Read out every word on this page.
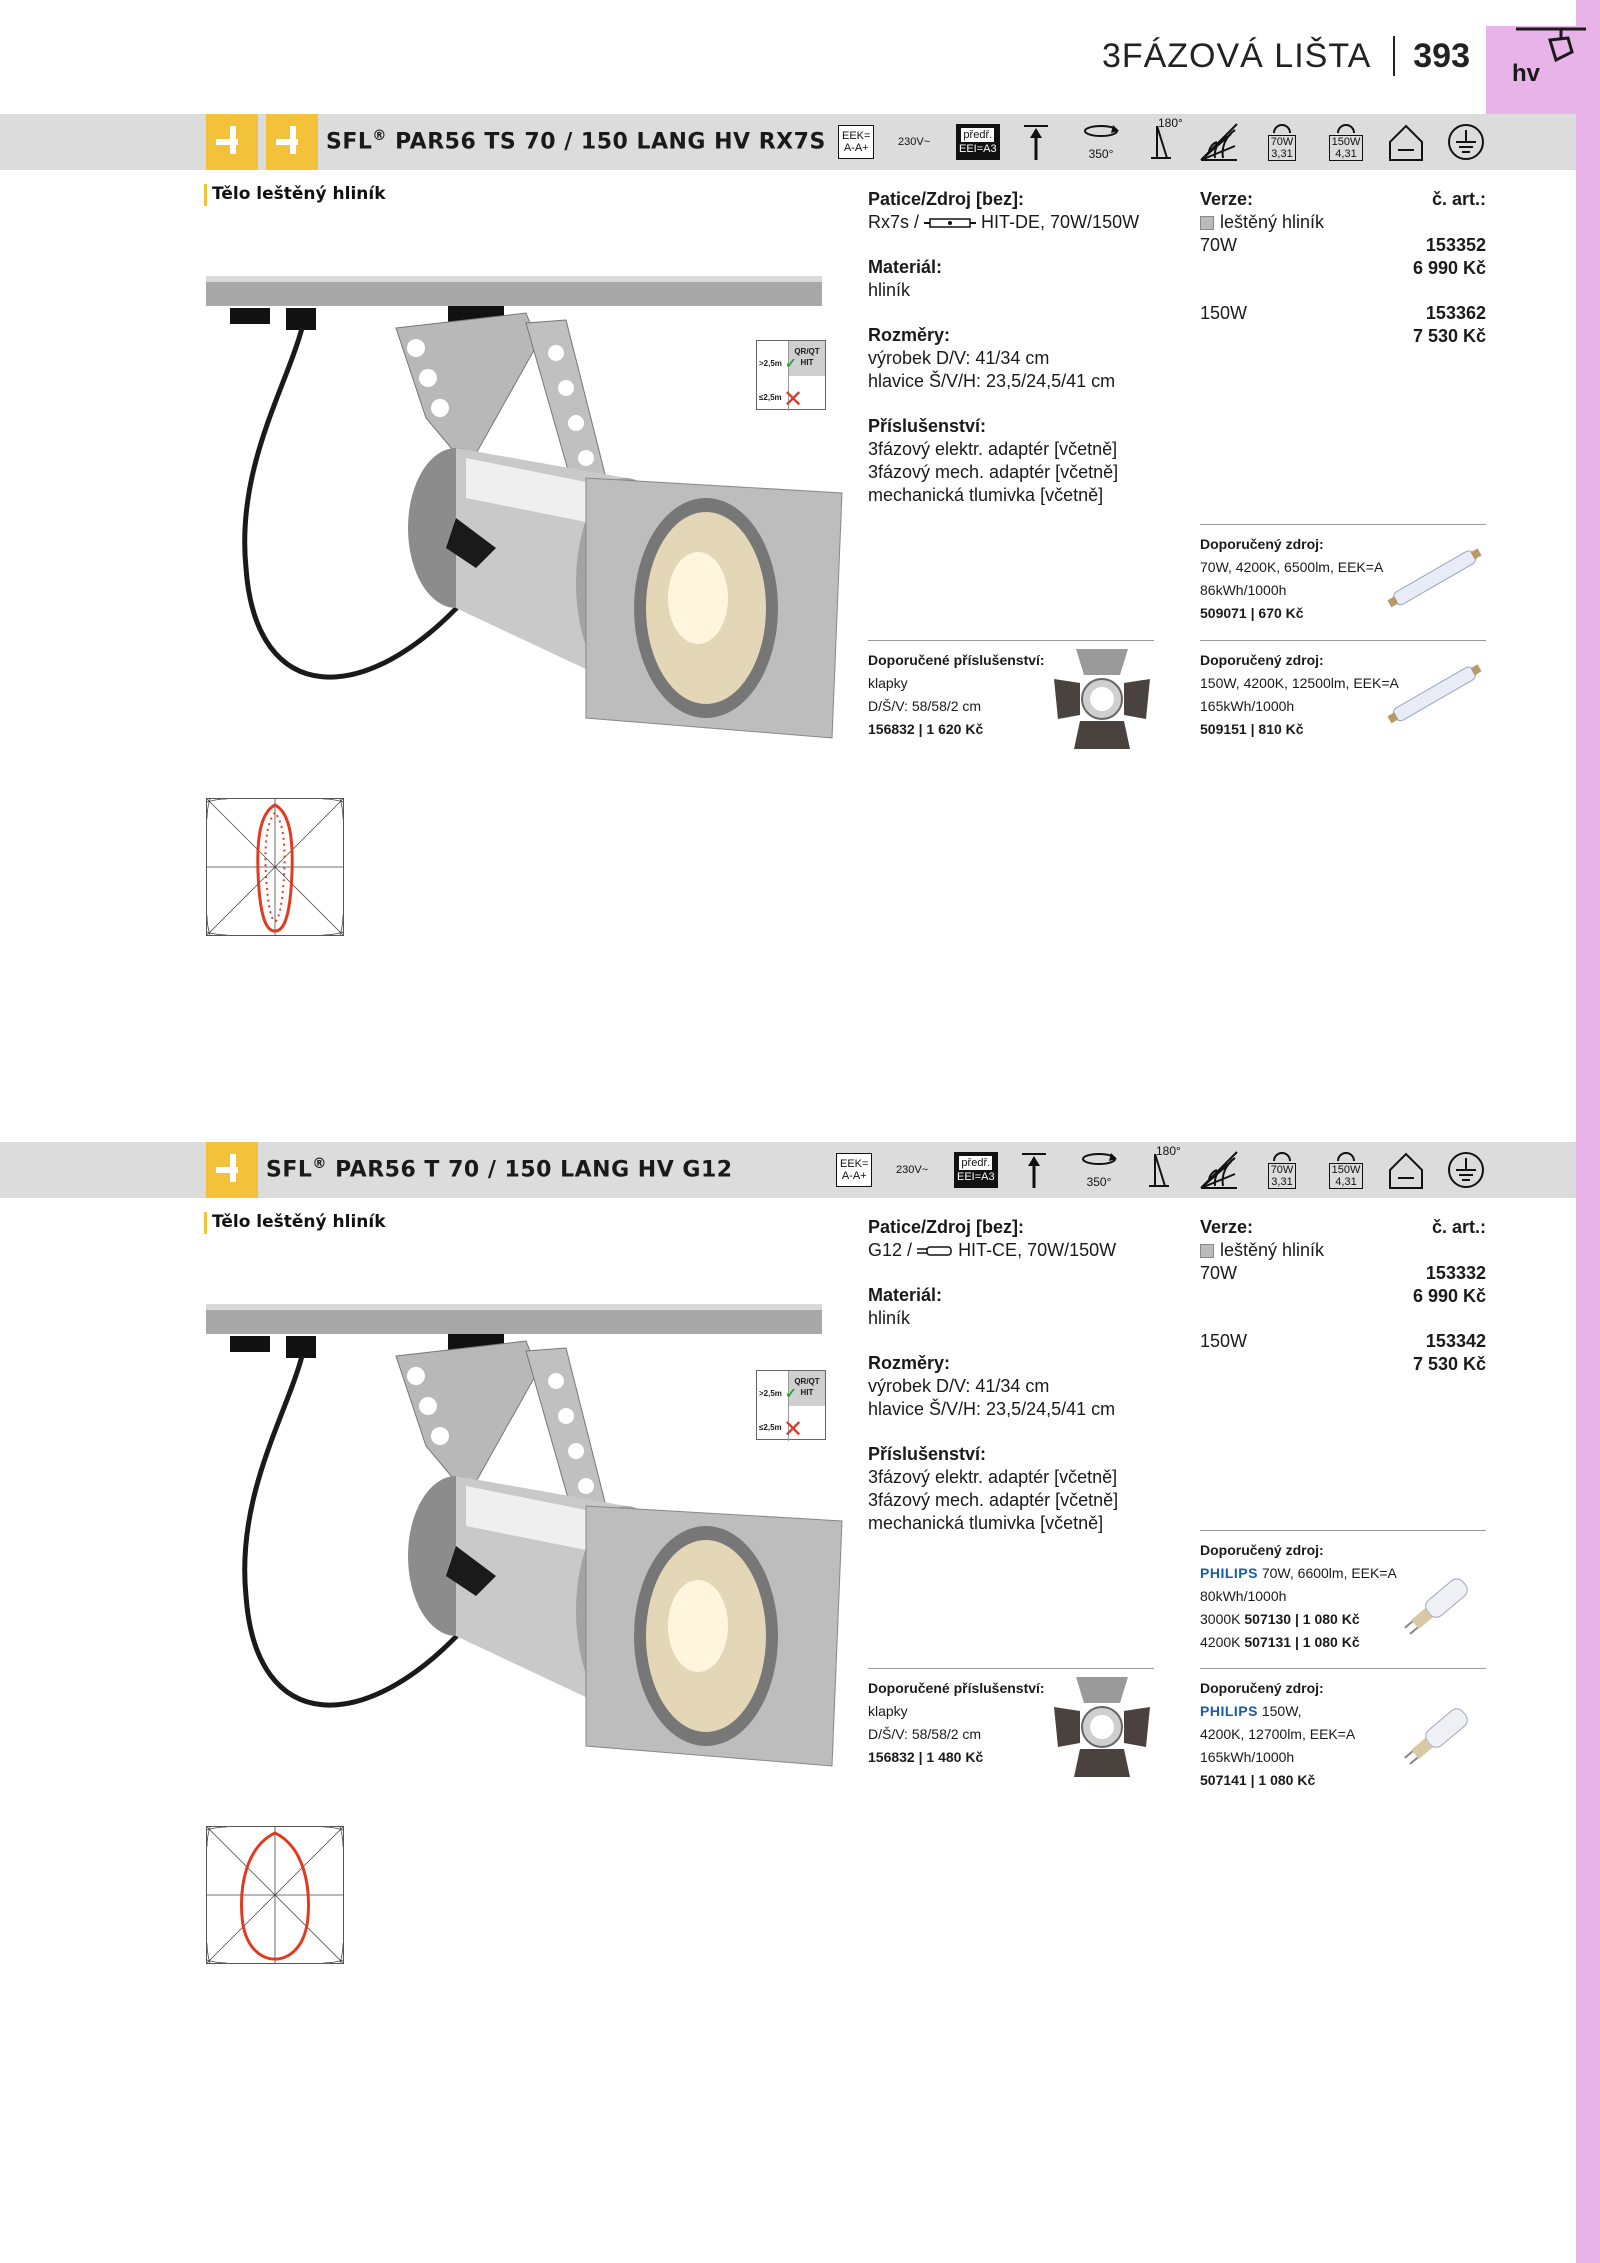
hv
3FÁZOVÁ LIŠTA 393
SFL® PAR56 TS 70 / 150 LANG HV RX7S EEK=
A-A+	230V~
předř.
EEI=A3	350°
180°
70W
3,31
150W
4,31
Tělo leštěný hliník
QR/QT
HIT
>2,5m
≤2,5m
✓
✕
Patice/Zdroj [bez]:
Rx7s /	HIT-DE, 70W/150W
Materiál:
hliník
Rozměry:
výrobek D/V: 41/34 cm
hlavice Š/V/H: 23,5/24,5/41 cm
Příslušenství:
3fázový elektr. adaptér [včetně]
3fázový mech. adaptér [včetně]
mechanická tlumivka [včetně]
Verze:	č. art.:
leštěný hliník
70W	153352
6 990 Kč
150W	153362
7 530 Kč
Doporučené příslušenství:
klapky
D/Š/V: 58/58/2 cm
156832 | 1 620 Kč
Doporučený zdroj:
70W, 4200K, 6500lm, EEK=A
86kWh/1000h
509071 | 670 Kč
Doporučený zdroj:
150W, 4200K, 12500lm, EEK=A
165kWh/1000h
509151 | 810 Kč
SFL® PAR56 T 70 / 150 LANG HV G12	EEK=
A-A+	230V~
předř.
EEI=A3	350°
180°
70W
3,31
150W
4,31
Tělo leštěný hliník
QR/QT
HIT
>2,5m
≤2,5m
✓
✕
Patice/Zdroj [bez]:
G12 /	HIT-CE, 70W/150W
Materiál:
hliník
Rozměry:
výrobek D/V: 41/34 cm
hlavice Š/V/H: 23,5/24,5/41 cm
Příslušenství:
3fázový elektr. adaptér [včetně]
3fázový mech. adaptér [včetně]
mechanická tlumivka [včetně]
Verze:	č. art.:
leštěný hliník
70W	153332
6 990 Kč
150W	153342
7 530 Kč
Doporučené příslušenství:
klapky
D/Š/V: 58/58/2 cm
156832 | 1 480 Kč
Doporučený zdroj:
PHILIPS 70W, 6600lm, EEK=A
80kWh/1000h
3000K 507130 | 1 080 Kč
4200K 507131 | 1 080 Kč
Doporučený zdroj:
PHILIPS 150W,
4200K, 12700lm, EEK=A
165kWh/1000h
507141 | 1 080 Kč
